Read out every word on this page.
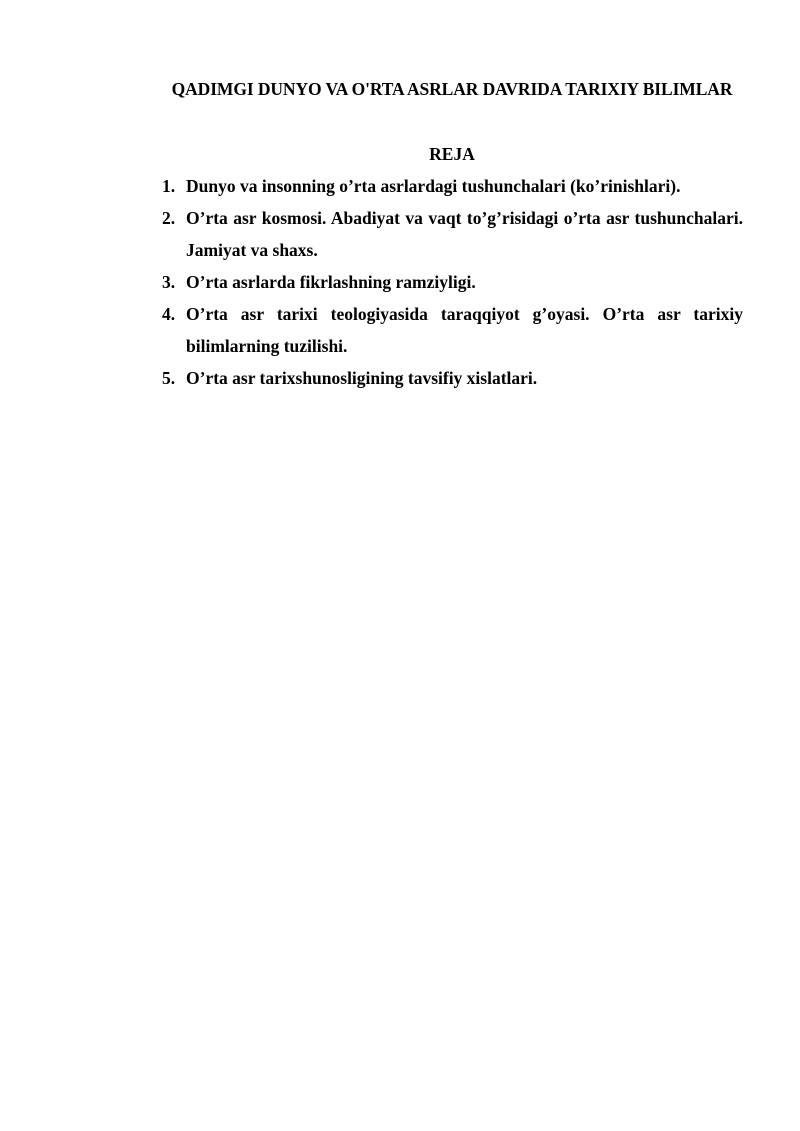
QADIMGI DUNYO VA O'RTA ASRLAR DAVRIDA TARIXIY BILIMLAR
REJA
1. Dunyo va insonning o’rta asrlardagi tushunchalari (ko’rinishlari).
2. O’rta asr kosmosi. Abadiyat va vaqt to’g’risidagi o’rta asr tushunchalari. Jamiyat va shaxs.
3. O’rta asrlarda fikrlashning ramziyligi.
4. O’rta asr tarixi teologiyasida taraqqiyot g’oyasi. O’rta asr tarixiy bilimlarning tuzilishi.
5. O’rta asr tarixshunosligining tavsifiy xislatlari.
